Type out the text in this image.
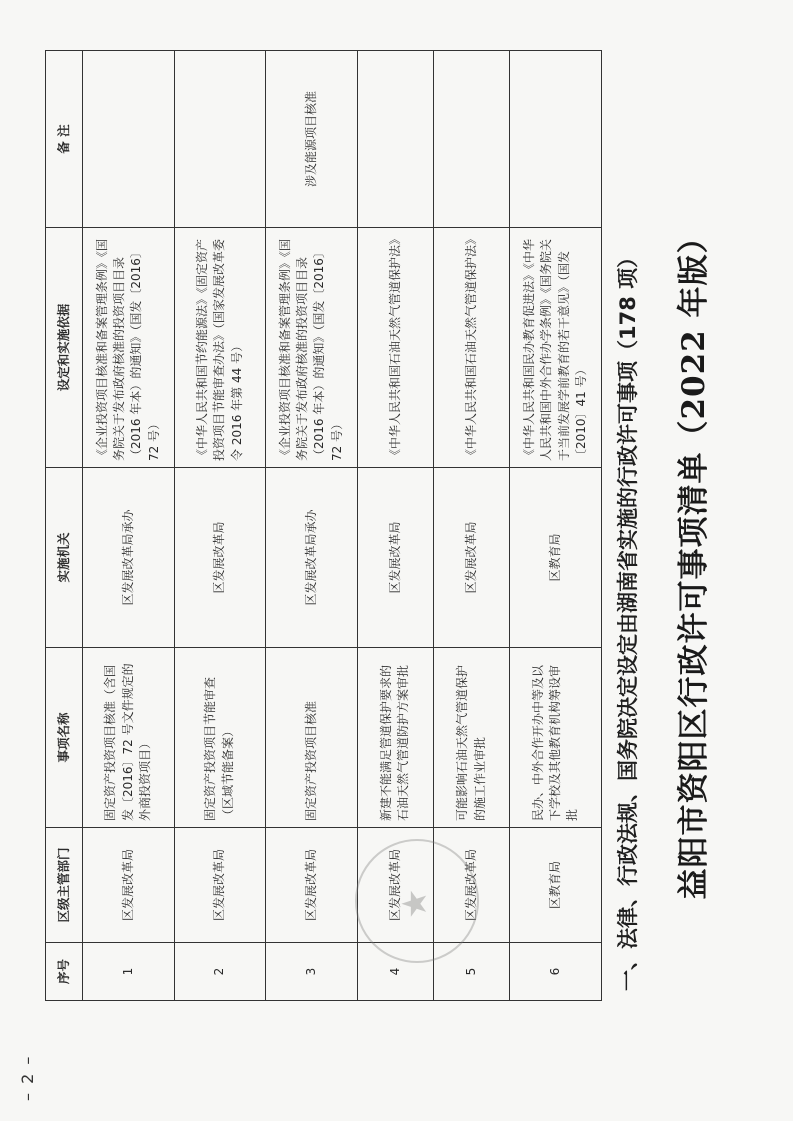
– 2 –
序号	区级主管部门	事项名称	实施机关	设定和实施依据	备 注
1	区发展改革局	固定资产投资项目核准（含国发〔2016〕72 号文件规定的外商投资项目）	区发展改革局承办	《企业投资项目核准和备案管理条例》《国务院关于发布政府核准的投资项目目录（2016 年本）的通知》（国发〔2016〕72 号）	
2	区发展改革局	固定资产投资项目节能审查（区域节能备案）	区发展改革局	《中华人民共和国节约能源法》《固定资产投资项目节能审查办法》（国家发展改革委令 2016 年第 44 号）	
3	区发展改革局	固定资产投资项目核准	区发展改革局承办	《企业投资项目核准和备案管理条例》《国务院关于发布政府核准的投资项目目录（2016 年本）的通知》（国发〔2016〕72 号）	涉及能源项目核准
4	区发展改革局	新建不能满足管道保护要求的石油天然气管道防护方案审批	区发展改革局	《中华人民共和国石油天然气管道保护法》	
5	区发展改革局	可能影响石油天然气管道保护的施工作业审批	区发展改革局	《中华人民共和国石油天然气管道保护法》	
6	区教育局	民办、中外合作开办中等及以下学校及其他教育机构筹设审批	区教育局	《中华人民共和国民办教育促进法》《中华人民共和国中外合作办学条例》《国务院关于当前发展学前教育的若干意见》（国发〔2010〕41 号）	
★	一、法律、行政法规、国务院决定设定由湖南省实施的行政许可事项（178 项） 益阳市资阳区行政许可事项清单（2022 年版）
